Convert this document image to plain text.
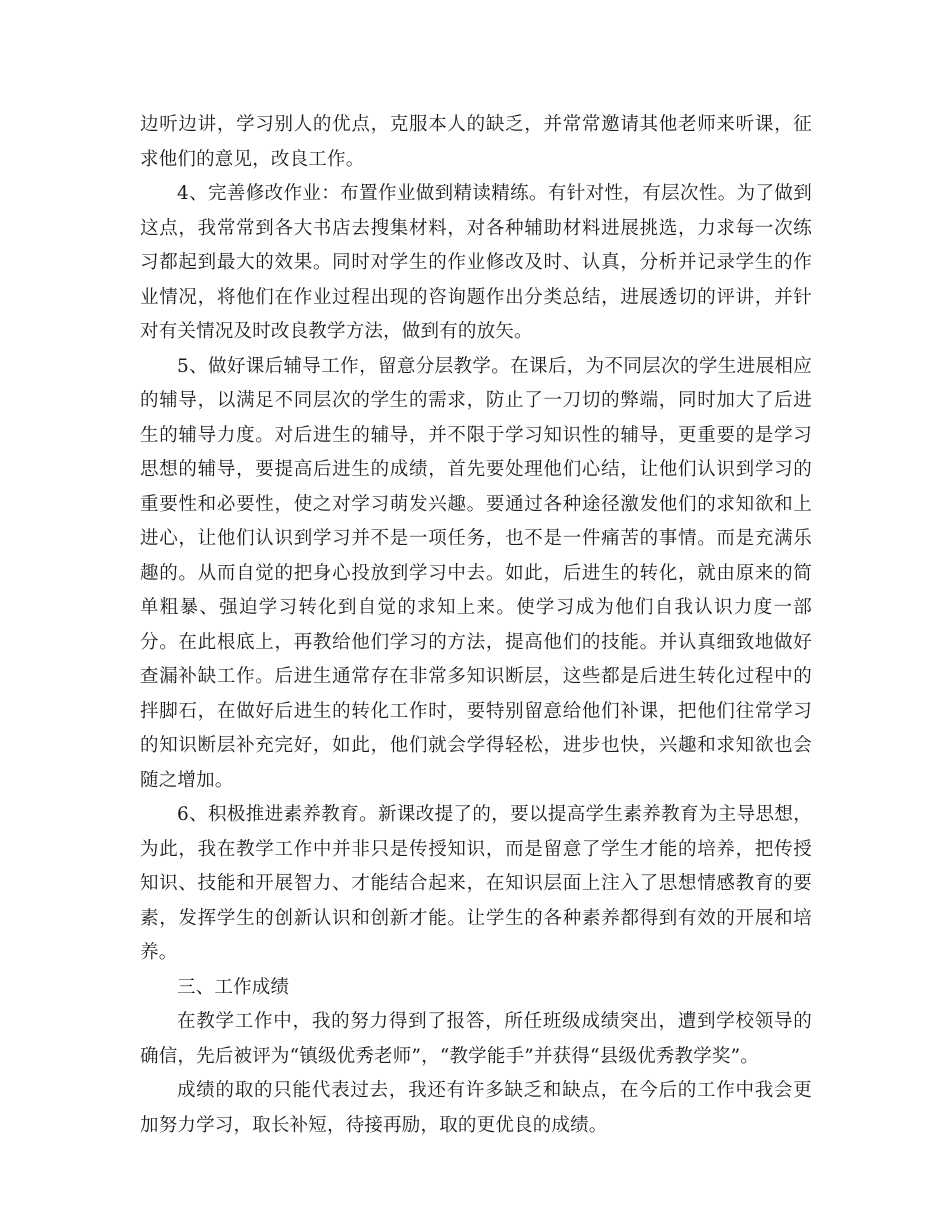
边听边讲，学习别人的优点，克服本人的缺乏，并常常邀请其他老师来听课，征求他们的意见，改良工作。

4、完善修改作业：布置作业做到精读精练。有针对性，有层次性。为了做到这点，我常常到各大书店去搜集材料，对各种辅助材料进展挑选，力求每一次练习都起到最大的效果。同时对学生的作业修改及时、认真，分析并记录学生的作业情况，将他们在作业过程出现的咨询题作出分类总结，进展透切的评讲，并针对有关情况及时改良教学方法，做到有的放矢。

5、做好课后辅导工作，留意分层教学。在课后，为不同层次的学生进展相应的辅导，以满足不同层次的学生的需求，防止了一刀切的弊端，同时加大了后进生的辅导力度。对后进生的辅导，并不限于学习知识性的辅导，更重要的是学习思想的辅导，要提高后进生的成绩，首先要处理他们心结，让他们认识到学习的重要性和必要性，使之对学习萌发兴趣。要通过各种途径激发他们的求知欲和上进心，让他们认识到学习并不是一项任务，也不是一件痛苦的事情。而是充满乐趣的。从而自觉的把身心投放到学习中去。如此，后进生的转化，就由原来的简单粗暴、强迫学习转化到自觉的求知上来。使学习成为他们自我认识力度一部分。在此根底上，再教给他们学习的方法，提高他们的技能。并认真细致地做好查漏补缺工作。后进生通常存在非常多知识断层，这些都是后进生转化过程中的拌脚石，在做好后进生的转化工作时，要特别留意给他们补课，把他们往常学习的知识断层补充完好，如此，他们就会学得轻松，进步也快，兴趣和求知欲也会随之增加。

6、积极推进素养教育。新课改提了的，要以提高学生素养教育为主导思想，为此，我在教学工作中并非只是传授知识，而是留意了学生才能的培养，把传授知识、技能和开展智力、才能结合起来，在知识层面上注入了思想情感教育的要素，发挥学生的创新认识和创新才能。让学生的各种素养都得到有效的开展和培养。

三、工作成绩

在教学工作中，我的努力得到了报答，所任班级成绩突出，遭到学校领导的确信，先后被评为“镇级优秀老师”，“教学能手”并获得“县级优秀教学奖”。

成绩的取的只能代表过去，我还有许多缺乏和缺点，在今后的工作中我会更加努力学习，取长补短，待接再励，取的更优良的成绩。
